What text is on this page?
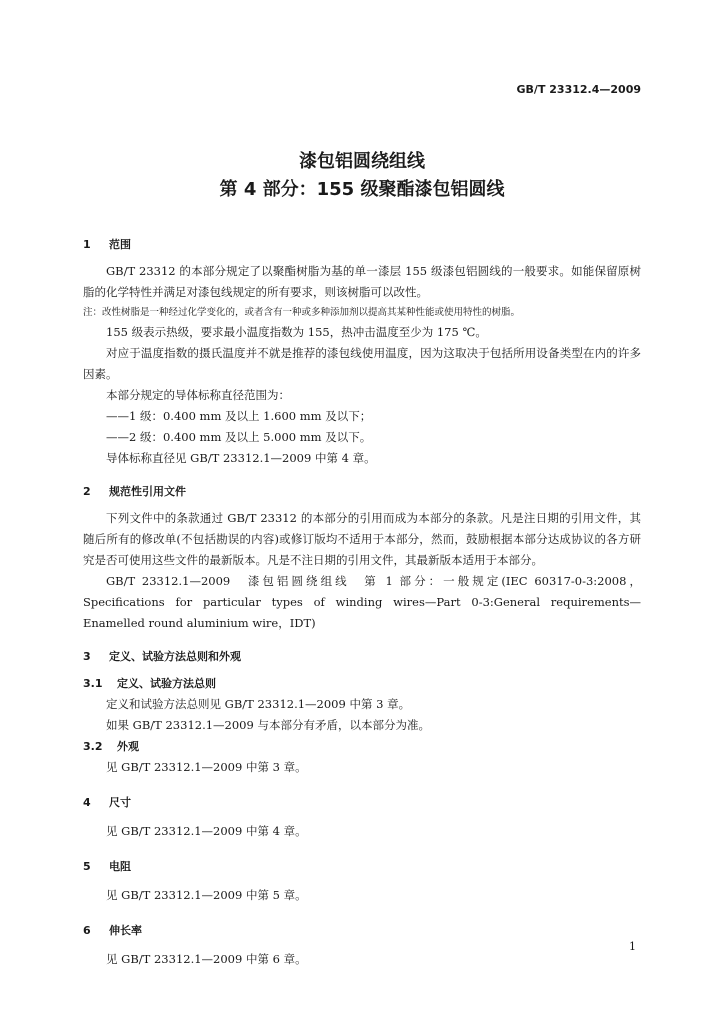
GB/T 23312.4—2009
漆包铝圆绕组线
第 4 部分：155 级聚酯漆包铝圆线
1 范围
GB/T 23312 的本部分规定了以聚酯树脂为基的单一漆层 155 级漆包铝圆线的一般要求。如能保留原树脂的化学特性并满足对漆包线规定的所有要求，则该树脂可以改性。
注：改性树脂是一种经过化学变化的，或者含有一种或多种添加剂以提高其某种性能或使用特性的树脂。
155 级表示热级，要求最小温度指数为 155，热冲击温度至少为 175 ℃。
对应于温度指数的摄氏温度并不就是推荐的漆包线使用温度，因为这取决于包括所用设备类型在内的许多因素。
本部分规定的导体标称直径范围为：
——1 级：0.400 mm 及以上 1.600 mm 及以下；
——2 级：0.400 mm 及以上 5.000 mm 及以下。
导体标称直径见 GB/T 23312.1—2009 中第 4 章。
2 规范性引用文件
下列文件中的条款通过 GB/T 23312 的本部分的引用而成为本部分的条款。凡是注日期的引用文件，其随后所有的修改单(不包括勘误的内容)或修订版均不适用于本部分，然而，鼓励根据本部分达成协议的各方研究是否可使用这些文件的最新版本。凡是不注日期的引用文件，其最新版本适用于本部分。
GB/T 23312.1—2009　漆包铝圆绕组线　第 1 部分：一般规定(IEC 60317-0-3:2008，Specifications for particular types of winding wires—Part 0-3:General requirements—Enamelled round aluminium wire，IDT)
3 定义、试验方法总则和外观
3.1 定义、试验方法总则
定义和试验方法总则见 GB/T 23312.1—2009 中第 3 章。
如果 GB/T 23312.1—2009 与本部分有矛盾，以本部分为准。
3.2 外观
见 GB/T 23312.1—2009 中第 3 章。
4 尺寸
见 GB/T 23312.1—2009 中第 4 章。
5 电阻
见 GB/T 23312.1—2009 中第 5 章。
6 伸长率
见 GB/T 23312.1—2009 中第 6 章。
1
